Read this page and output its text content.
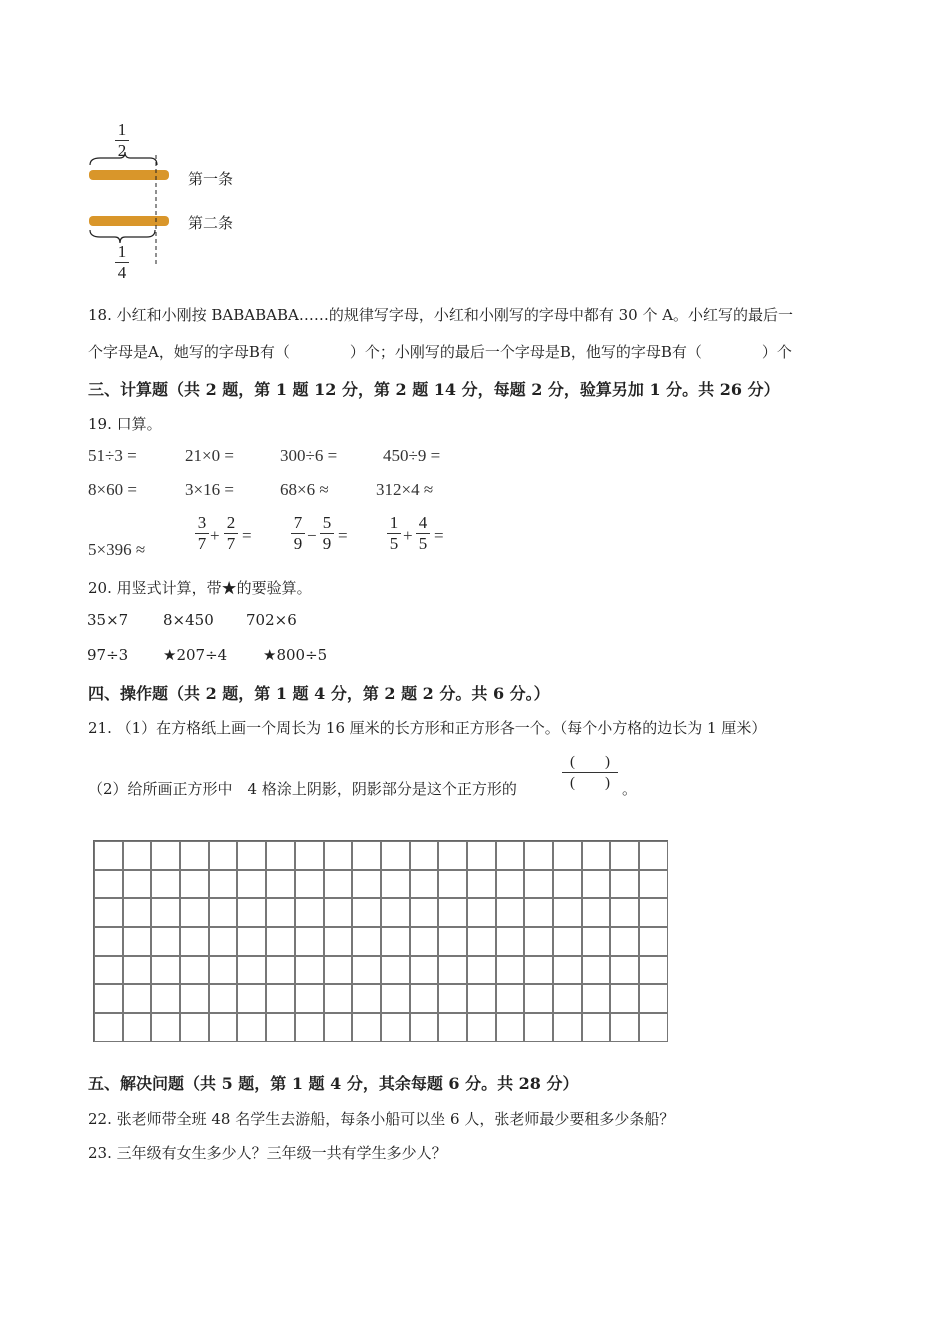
1
2
1
4
第一条
第二条
18. 小红和小刚按 BABABABA……的规律写字母，小红和小刚写的字母中都有 30 个 A。小红写的最后一
个字母是A，她写的字母B有（　　　　）个；小刚写的最后一个字母是B，他写的字母B有（　　　　）个
三、计算题（共 2 题，第 1 题 12 分，第 2 题 14 分，每题 2 分，验算另加 1 分。共 26 分）
19. 口算。
51÷3 =	21×0 =	300÷6 =	450÷9 =
8×60 =	3×16 =	68×6 ≈	312×4 ≈
5×396 ≈
3
7 +
2
7 =
7
9 −
5
9 =
1
5 +
4
5 =
20. 用竖式计算，带★的要验算。
35×7 8×450 702×6
97÷3 ★207÷4 ★800÷5
四、操作题（共 2 题，第 1 题 4 分，第 2 题 2 分。共 6 分。）
21. （1）在方格纸上画一个周长为 16 厘米的长方形和正方形各一个。（每个小方格的边长为 1 厘米）
（2）给所画正方形中　4 格涂上阴影，阴影部分是这个正方形的
(　　)
(　　) 。
五、解决问题（共 5 题，第 1 题 4 分，其余每题 6 分。共 28 分）
22. 张老师带全班 48 名学生去游船，每条小船可以坐 6 人，张老师最少要租多少条船？
23. 三年级有女生多少人？三年级一共有学生多少人？
